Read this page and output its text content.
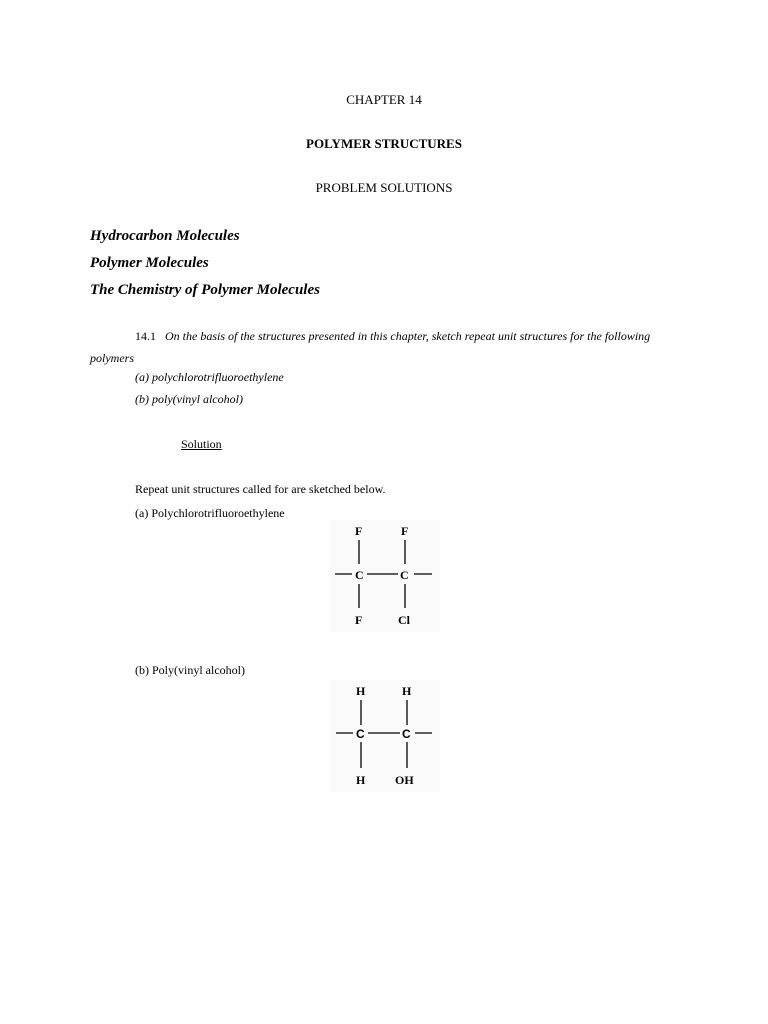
CHAPTER 14
POLYMER STRUCTURES
PROBLEM SOLUTIONS
Hydrocarbon Molecules
Polymer Molecules
The Chemistry of Polymer Molecules
14.1 On the basis of the structures presented in this chapter, sketch repeat unit structures for the following polymers
(a) polychlorotrifluoroethylene
(b) poly(vinyl alcohol)
Solution
Repeat unit structures called for are sketched below.
(a) Polychlorotrifluoroethylene
F	F
C	C
F	Cl
(b) Poly(vinyl alcohol)
H	H
C	C
H OH
